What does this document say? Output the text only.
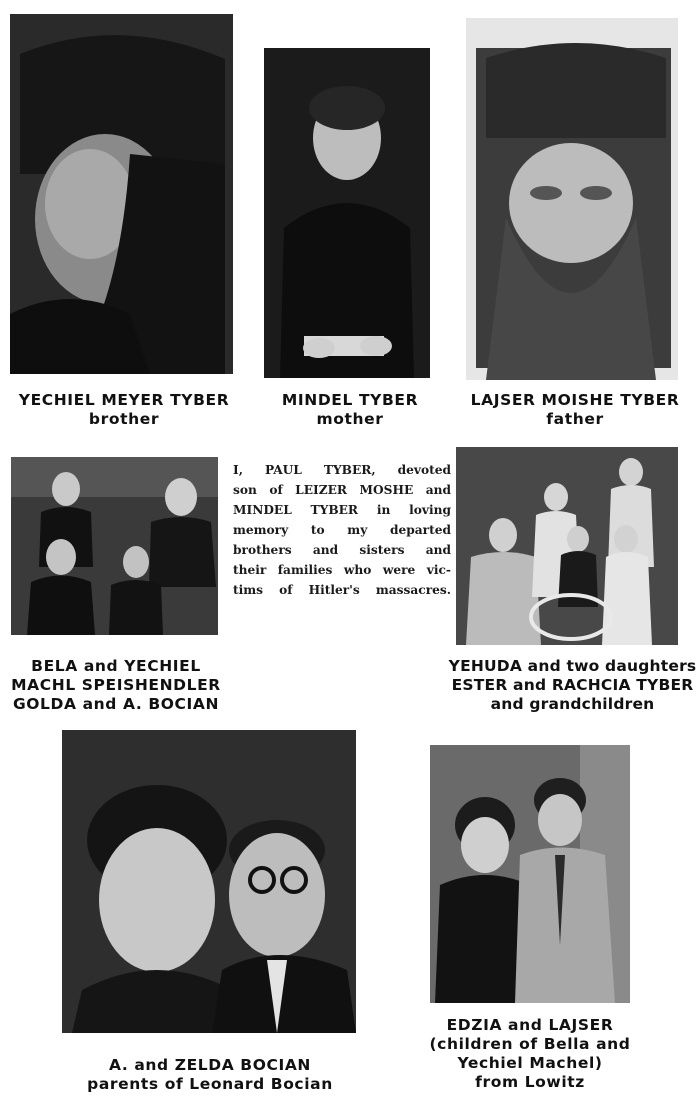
YECHIEL MEYER TYBER
brother
MINDEL TYBER
mother
LAJSER MOISHE TYBER
father
I, PAUL TYBER, devoted
son of LEIZER MOSHE and
MINDEL TYBER in loving
memory to my departed
brothers and sisters and
their families who were vic-
tims of Hitler's massacres.
BELA and YECHIEL
MACHL SPEISHENDLER
GOLDA and A. BOCIAN
YEHUDA and two daughters
ESTER and RACHCIA TYBER
and grandchildren
A. and ZELDA BOCIAN
parents of Leonard Bocian
EDZIA and LAJSER
(children of Bella and
Yechiel Machel)
from Lowitz
